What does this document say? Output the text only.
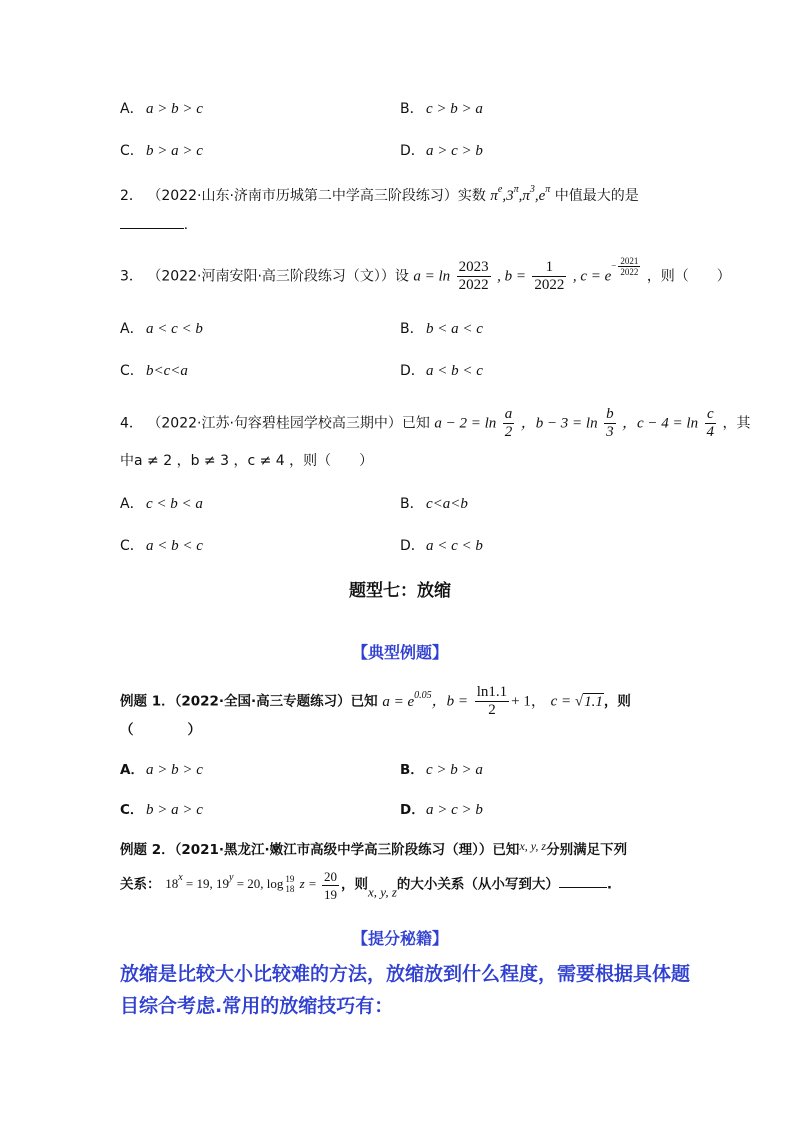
A． a > b > c	B． c > b > a
C． b > a > c	D．a > c > b
2． （2022·山东·济南市历城第二中学高三阶段练习）实数 $\pi^e,3^\pi,\pi^3,e^\pi$ 中值最大的是
.
3． （2022·河南安阳·高三阶段练习（文））设 $a = \ln \frac{2023}{2022}$ , $b = \frac{1}{2022}$ , $c = e- \frac{2021}{2022}$ ，则（　　）
A． a < c < b	B． b < a < c
C． b<c<a	D．a < b < c
4． （2022·江苏·句容碧桂园学校高三期中）已知 $a - 2 = \ln \frac{a}{2}$ ，$b - 3 = \ln \frac{b}{3}$ ，$c - 4 = \ln \frac{c}{4}$ ，其
中a ≠ 2 ，b ≠ 3 ，c ≠ 4 ，则（　　）
A． c < b < a	B． c<a<b
C． a < b < c	D．a < c < b
题型七：放缩
【典型例题】
例题 1．（2022·全国·高三专题练习）已知 $a = e^{0.05}$，$b = \frac{\ln 1.1}{2} + 1$， c = √1.1，则
（　　　　）
A． a > b > c	B． c > b > a
C． b > a > c	D．a > c > b
例题 2．（2021·黑龙江·嫩江市高级中学高三阶段练习（理））已知x, y, z分别满足下列
关系： $18^x = 19$, $19^y = 20$, log 19
18 $z = \frac{20}{19}$ ，则x, y, z的大小关系（从小写到大）	.
【提分秘籍】
放缩是比较大小比较难的方法，放缩放到什么程度，需要根据具体题目综合考虑.常用的放缩技巧有：
